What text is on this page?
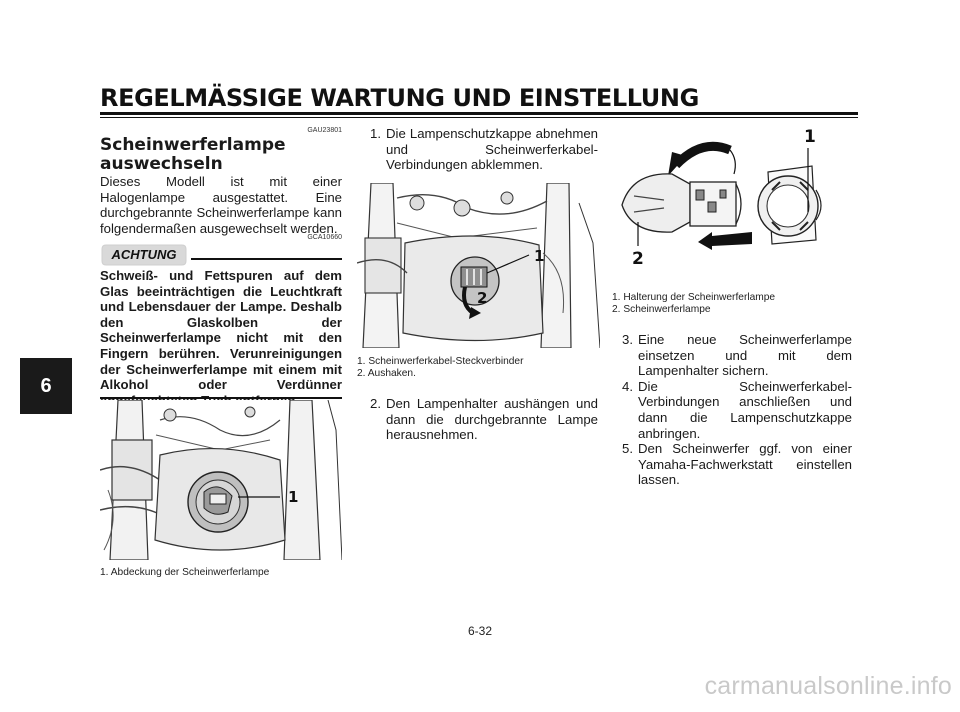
REGELMÄSSIGE WARTUNG UND EINSTELLUNG
6
GAU23801
Scheinwerferlampe
auswechseln
Dieses Modell ist mit einer Halogenlampe ausgestattet. Eine durchgebrannte Scheinwerferlampe kann folgendermaßen ausgewechselt werden.
GCA10660
ACHTUNG
Schweiß- und Fettspuren auf dem Glas beeinträchtigen die Leuchtkraft und Lebensdauer der Lampe. Deshalb den Glaskolben der Scheinwerferlampe nicht mit den Fingern berühren. Verunreinigungen der Scheinwerferlampe mit einem mit Alkohol oder Verdünner
1
1. Abdeckung der Scheinwerferlampe
1. Die Lampenschutzkappe abnehmen und Scheinwerferkabel-Verbindungen abklemmen.
1
2
1. Scheinwerferkabel-Steckverbinder
2. Aushaken.
2. Den Lampenhalter aushängen und dann die durchgebrannte Lampe herausnehmen.
1
2
1. Halterung der Scheinwerferlampe
2. Scheinwerferlampe
3. Eine neue Scheinwerferlampe einsetzen und mit dem Lampenhalter sichern.
4. Die Scheinwerferkabel-Verbindungen anschließen und dann die Lampenschutzkappe anbringen.
5. Den Scheinwerfer ggf. von einer Yamaha-Fachwerkstatt einstellen lassen.
6-32
carmanualsonline.info
